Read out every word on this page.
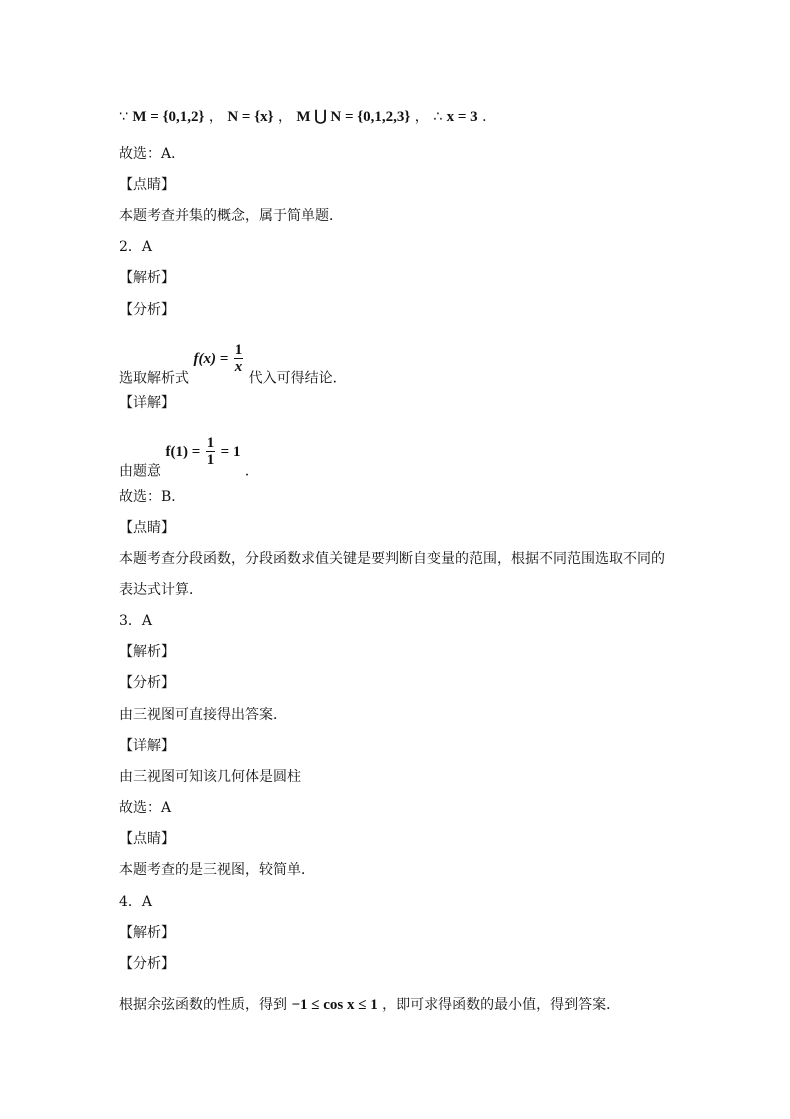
∵ M = {0,1,2} ， N = {x} ， M ⋃ N = {0,1,2,3} ， ∴ x = 3 ．
故选：A．
【点睛】
本题考查并集的概念，属于简单题．
2．A
【解析】
【分析】
选取解析式 $f(x) = \frac{1}{x}$
代入可得结论．
【详解】
由题意 $f(1) = \frac{1}{1} = 1$ ．
故选：B．
【点睛】
本题考查分段函数，分段函数求值关键是要判断自变量的范围，根据不同范围选取不同的
表达式计算．
3．A
【解析】
【分析】
由三视图可直接得出答案．
【详解】
由三视图可知该几何体是圆柱
故选：A
【点睛】
本题考查的是三视图，较简单．
4．A
【解析】
【分析】
根据余弦函数的性质，得到 −1 ≤ cos x ≤ 1 ，即可求得函数的最小值，得到答案．
